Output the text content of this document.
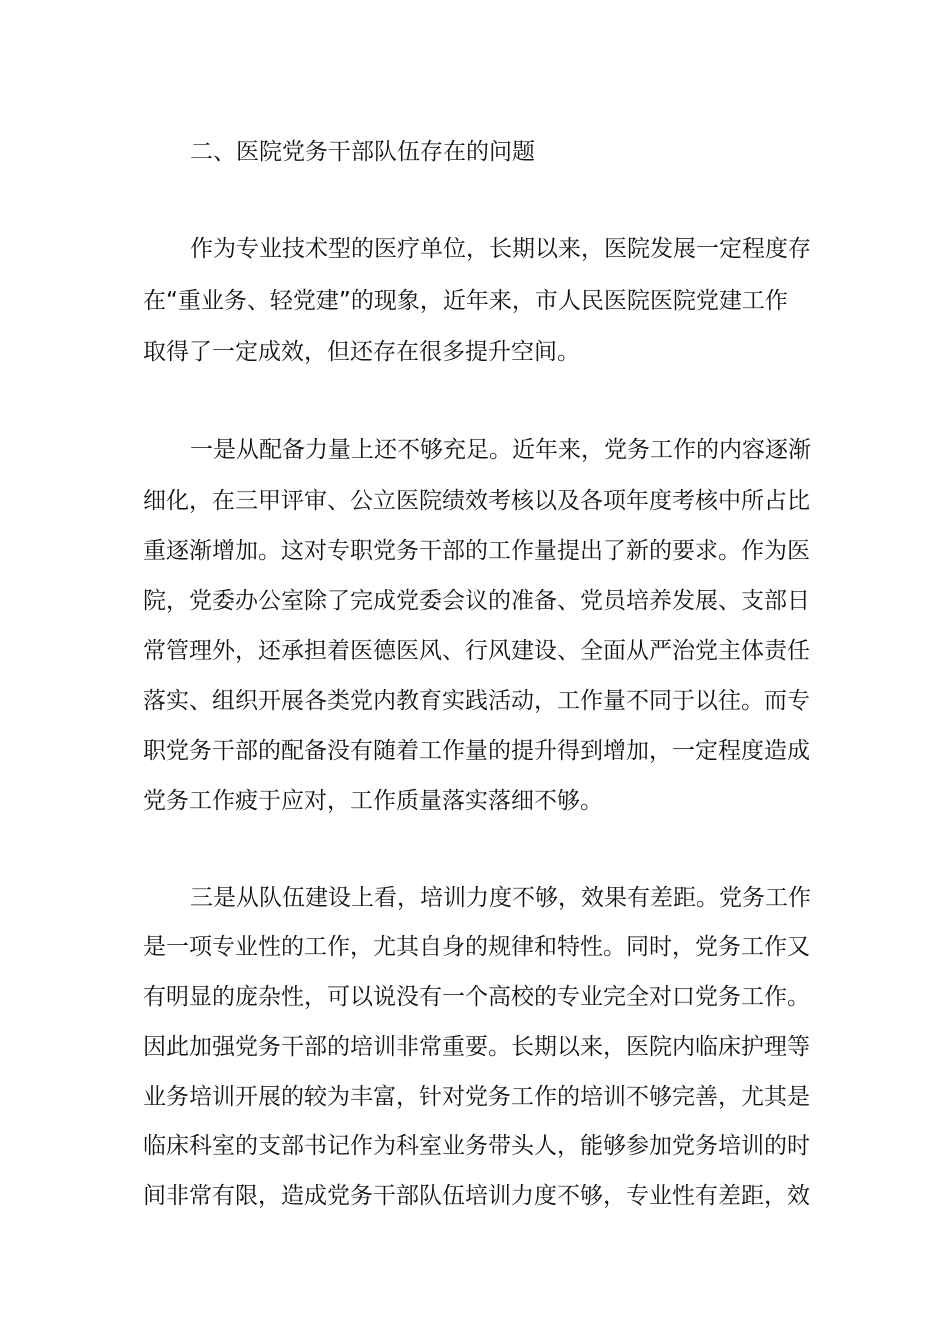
二、医院党务干部队伍存在的问题
作为专业技术型的医疗单位，长期以来，医院发展一定程度存
在“重业务、轻党建”的现象，近年来，市人民医院医院党建工作
取得了一定成效，但还存在很多提升空间。
一是从配备力量上还不够充足。近年来，党务工作的内容逐渐
细化，在三甲评审、公立医院绩效考核以及各项年度考核中所占比
重逐渐增加。这对专职党务干部的工作量提出了新的要求。作为医
院，党委办公室除了完成党委会议的准备、党员培养发展、支部日
常管理外，还承担着医德医风、行风建设、全面从严治党主体责任
落实、组织开展各类党内教育实践活动，工作量不同于以往。而专
职党务干部的配备没有随着工作量的提升得到增加，一定程度造成
党务工作疲于应对，工作质量落实落细不够。
三是从队伍建设上看，培训力度不够，效果有差距。党务工作
是一项专业性的工作，尤其自身的规律和特性。同时，党务工作又
有明显的庞杂性，可以说没有一个高校的专业完全对口党务工作。
因此加强党务干部的培训非常重要。长期以来，医院内临床护理等
业务培训开展的较为丰富，针对党务工作的培训不够完善，尤其是
临床科室的支部书记作为科室业务带头人，能够参加党务培训的时
间非常有限，造成党务干部队伍培训力度不够，专业性有差距，效
